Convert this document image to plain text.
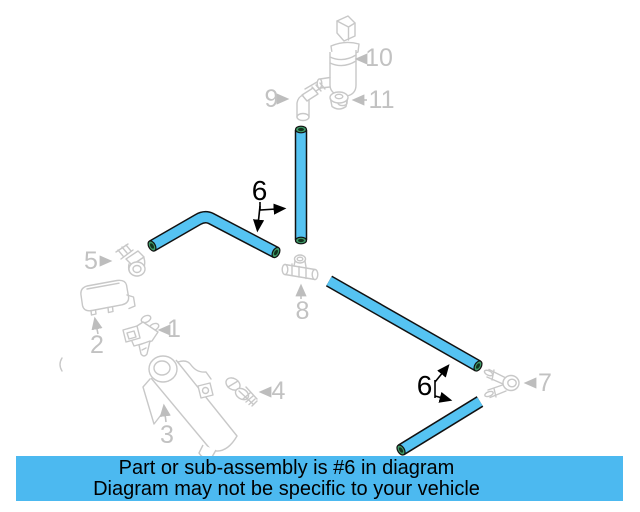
9
10
11
5
2
1
3
4
8
7
6
6
Part or sub-assembly is #6 in diagram
Diagram may not be specific to your vehicle
